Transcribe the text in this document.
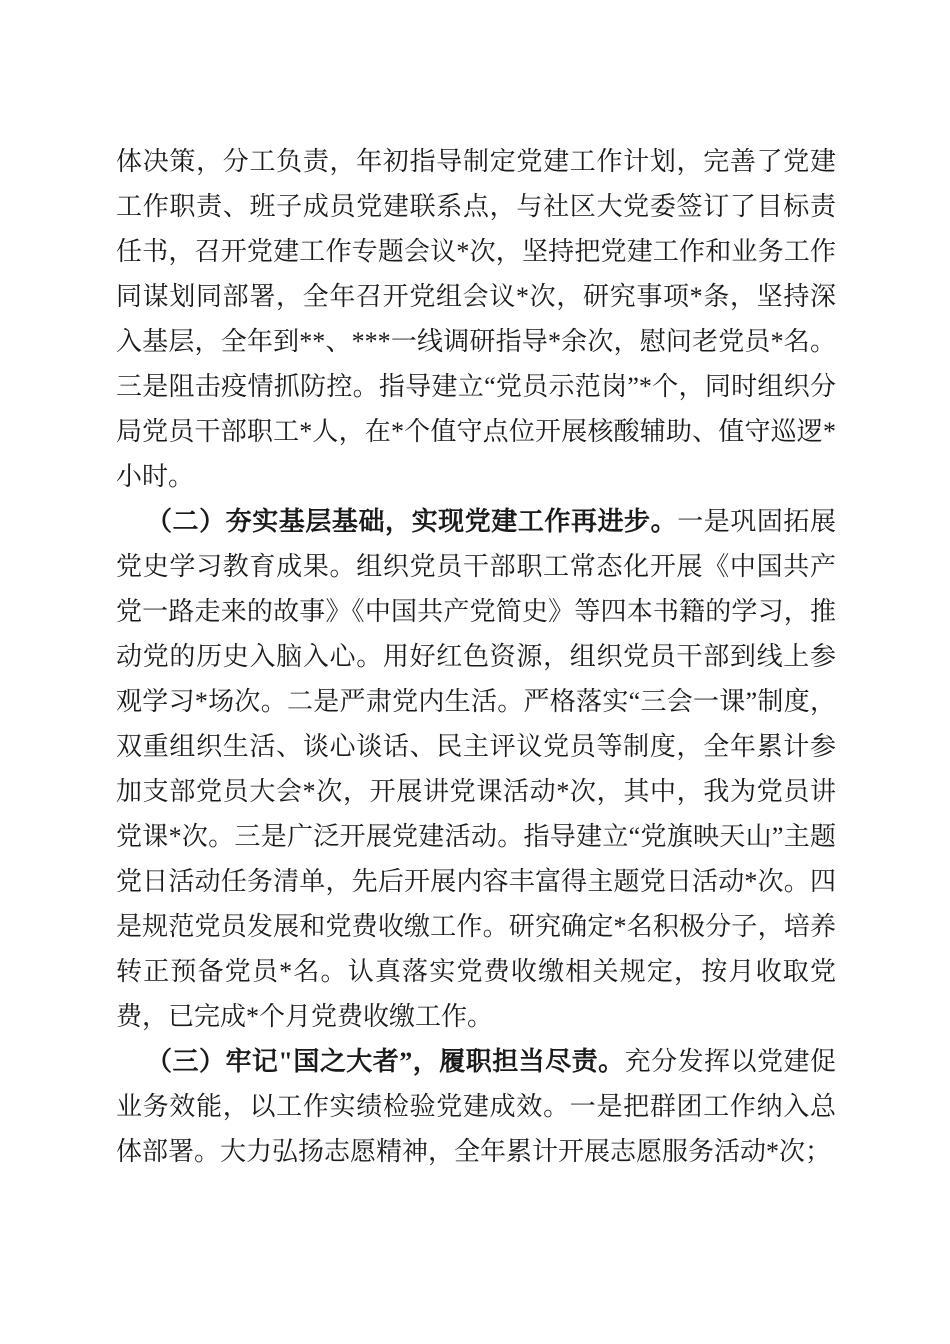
体决策，分工负责，年初指导制定党建工作计划，完善了党建工作职责、班子成员党建联系点，与社区大党委签订了目标责任书，召开党建工作专题会议*次，坚持把党建工作和业务工作同谋划同部署，全年召开党组会议*次，研究事项*条，坚持深入基层，全年到**、***一线调研指导*余次，慰问老党员*名。三是阻击疫情抓防控。指导建立“党员示范岗”*个，同时组织分局党员干部职工*人，在*个值守点位开展核酸辅助、值守巡逻*小时。

（二）夯实基层基础，实现党建工作再进步。一是巩固拓展党史学习教育成果。组织党员干部职工常态化开展《中国共产党一路走来的故事》《中国共产党简史》等四本书籍的学习，推动党的历史入脑入心。用好红色资源，组织党员干部到线上参观学习*场次。二是严肃党内生活。严格落实“三会一课”制度，双重组织生活、谈心谈话、民主评议党员等制度，全年累计参加支部党员大会*次，开展讲党课活动*次，其中，我为党员讲党课*次。三是广泛开展党建活动。指导建立“党旗映天山”主题党日活动任务清单，先后开展内容丰富得主题党日活动*次。四是规范党员发展和党费收缴工作。研究确定*名积极分子，培养转正预备党员*名。认真落实党费收缴相关规定，按月收取党费，已完成*个月党费收缴工作。

（三）牢记"国之大者”，履职担当尽责。充分发挥以党建促业务效能，以工作实绩检验党建成效。一是把群团工作纳入总体部署。大力弘扬志愿精神，全年累计开展志愿服务活动*次；
